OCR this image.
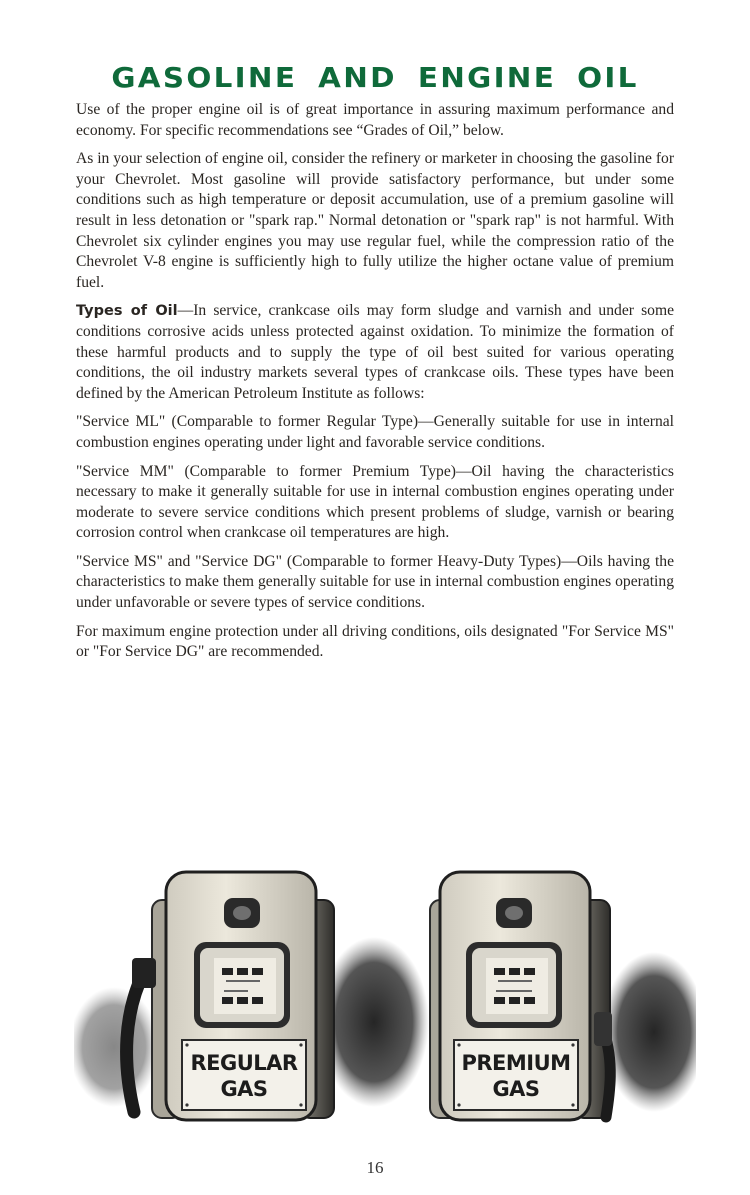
GASOLINE AND ENGINE OIL

Use of the proper engine oil is of great importance in assuring maximum performance and economy. For specific recommendations see “Grades of Oil,” below.

As in your selection of engine oil, consider the refinery or marketer in choosing the gasoline for your Chevrolet. Most gasoline will provide satisfactory performance, but under some conditions such as high temperature or deposit accumulation, use of a premium gasoline will result in less detonation or "spark rap." Normal detonation or "spark rap" is not harmful. With Chevrolet six cylinder engines you may use regular fuel, while the compression ratio of the Chevrolet V-8 engine is sufficiently high to fully utilize the higher octane value of premium fuel.

Types of Oil—In service, crankcase oils may form sludge and varnish and under some conditions corrosive acids unless protected against oxidation. To minimize the formation of these harmful products and to supply the type of oil best suited for various operating conditions, the oil industry markets several types of crankcase oils. These types have been defined by the American Petroleum Institute as follows:

"Service ML" (Comparable to former Regular Type)—Generally suitable for use in internal combustion engines operating under light and favorable service conditions.

"Service MM" (Comparable to former Premium Type)—Oil having the characteristics necessary to make it generally suitable for use in internal combustion engines operating under moderate to severe service conditions which present problems of sludge, varnish or bearing corrosion control when crankcase oil temperatures are high.

"Service MS" and "Service DG" (Comparable to former Heavy-Duty Types)—Oils having the characteristics to make them generally suitable for use in internal combustion engines operating under unfavorable or severe types of service conditions.

For maximum engine protection under all driving conditions, oils designated "For Service MS" or "For Service DG" are recommended.

REGULAR
GAS
PREMIUM
GAS
16
